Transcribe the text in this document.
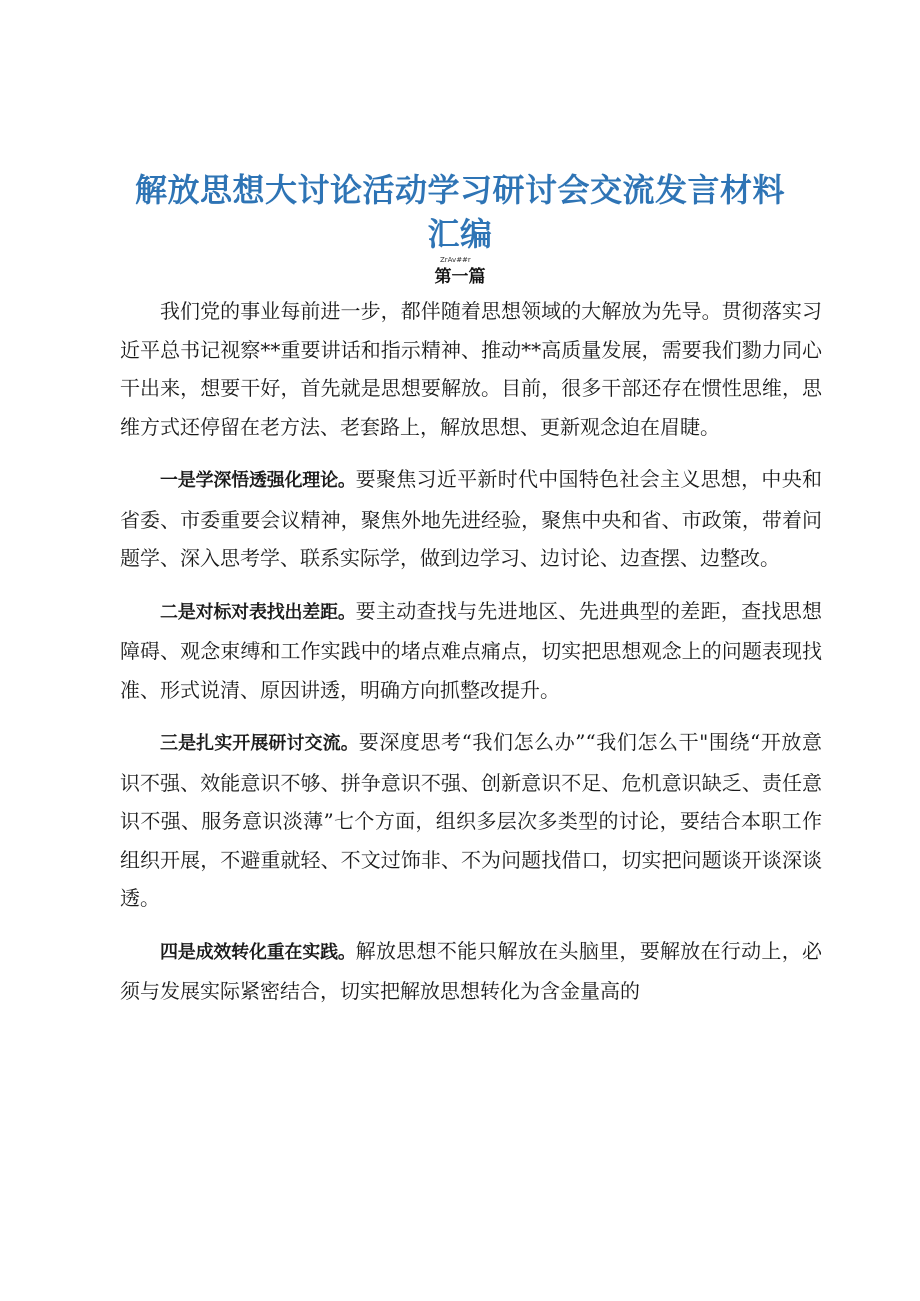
解放思想大讨论活动学习研讨会交流发言材料
汇编
ZrAv##r
第一篇

我们党的事业每前进一步，都伴随着思想领域的大解放为先导。贯彻落实习近平总书记视察**重要讲话和指示精神、推动**高质量发展，需要我们勠力同心干出来，想要干好，首先就是思想要解放。目前，很多干部还存在惯性思维，思维方式还停留在老方法、老套路上，解放思想、更新观念迫在眉睫。

一是学深悟透强化理论。要聚焦习近平新时代中国特色社会主义思想，中央和省委、市委重要会议精神，聚焦外地先进经验，聚焦中央和省、市政策，带着问题学、深入思考学、联系实际学，做到边学习、边讨论、边查摆、边整改。

二是对标对表找出差距。要主动查找与先进地区、先进典型的差距，查找思想障碍、观念束缚和工作实践中的堵点难点痛点，切实把思想观念上的问题表现找准、形式说清、原因讲透，明确方向抓整改提升。

三是扎实开展研讨交流。要深度思考“我们怎么办”“我们怎么干"围绕“开放意识不强、效能意识不够、拼争意识不强、创新意识不足、危机意识缺乏、责任意识不强、服务意识淡薄”七个方面，组织多层次多类型的讨论，要结合本职工作组织开展，不避重就轻、不文过饰非、不为问题找借口，切实把问题谈开谈深谈透。

四是成效转化重在实践。解放思想不能只解放在头脑里，要解放在行动上，必须与发展实际紧密结合，切实把解放思想转化为含金量高的
